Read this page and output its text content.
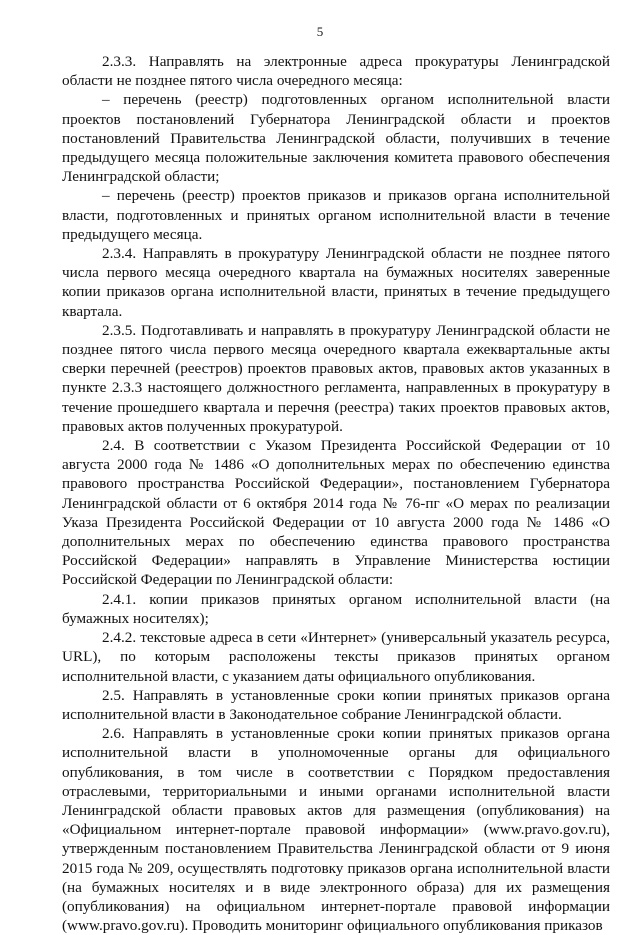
5

2.3.3. Направлять на электронные адреса прокуратуры Ленинградской области не позднее пятого числа очередного месяца:

– перечень (реестр) подготовленных органом исполнительной власти проектов постановлений Губернатора Ленинградской области и проектов постановлений Правительства Ленинградской области, получивших в течение предыдущего месяца положительные заключения комитета правового обеспечения Ленинградской области;

– перечень (реестр) проектов приказов и приказов органа исполнительной власти, подготовленных и принятых органом исполнительной власти в течение предыдущего месяца.

2.3.4. Направлять в прокуратуру Ленинградской области не позднее пятого числа первого месяца очередного квартала на бумажных носителях заверенные копии приказов органа исполнительной власти, принятых в течение предыдущего квартала.

2.3.5. Подготавливать и направлять в прокуратуру Ленинградской области не позднее пятого числа первого месяца очередного квартала ежеквартальные акты сверки перечней (реестров) проектов правовых актов, правовых актов указанных в пункте 2.3.3 настоящего должностного регламента, направленных в прокуратуру в течение прошедшего квартала и перечня (реестра) таких проектов правовых актов, правовых актов полученных прокуратурой.

2.4. В соответствии с Указом Президента Российской Федерации от 10 августа 2000 года № 1486 «О дополнительных мерах по обеспечению единства правового пространства Российской Федерации», постановлением Губернатора Ленинградской области от 6 октября 2014 года № 76-пг «О мерах по реализации Указа Президента Российской Федерации от 10 августа 2000 года № 1486 «О дополнительных мерах по обеспечению единства правового пространства Российской Федерации» направлять в Управление Министерства юстиции Российской Федерации по Ленинградской области:

2.4.1. копии приказов принятых органом исполнительной власти (на бумажных носителях);

2.4.2. текстовые адреса в сети «Интернет» (универсальный указатель ресурса, URL), по которым расположены тексты приказов принятых органом исполнительной власти, с указанием даты официального опубликования.

2.5. Направлять в установленные сроки копии принятых приказов органа исполнительной власти в Законодательное собрание Ленинградской области.

2.6. Направлять в установленные сроки копии принятых приказов органа исполнительной власти в уполномоченные органы для официального опубликования, в том числе в соответствии с Порядком предоставления отраслевыми, территориальными и иными органами исполнительной власти Ленинградской области правовых актов для размещения (опубликования) на «Официальном интернет-портале правовой информации» (www.pravo.gov.ru), утвержденным постановлением Правительства Ленинградской области от 9 июня 2015 года № 209, осуществлять подготовку приказов органа исполнительной власти (на бумажных носителях и в виде электронного образа) для их размещения (опубликования) на официальном интернет-портале правовой информации (www.pravo.gov.ru). Проводить мониторинг официального опубликования приказов
